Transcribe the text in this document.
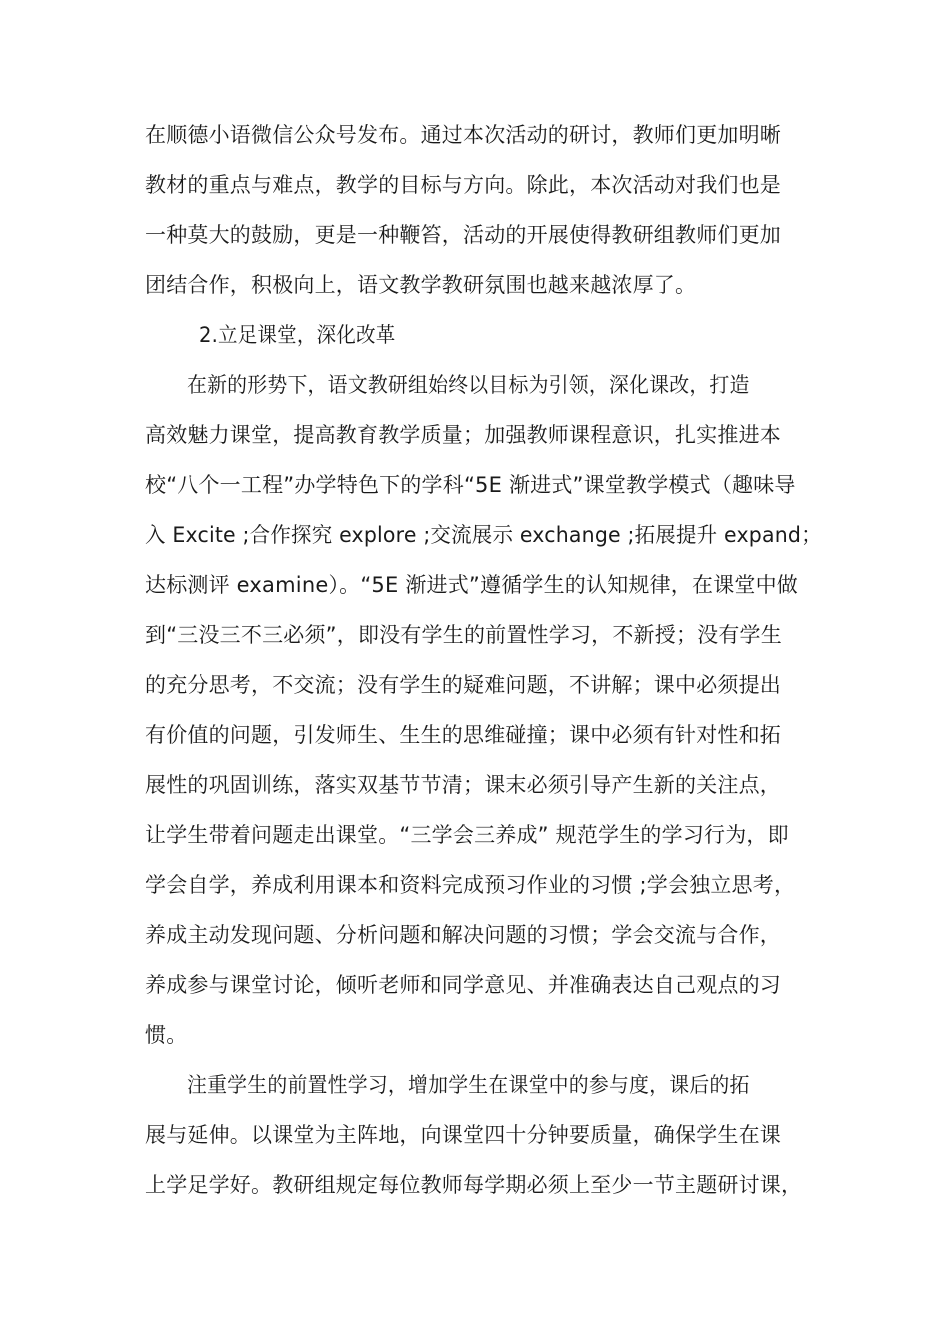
在顺德小语微信公众号发布。通过本次活动的研讨，教师们更加明晰
教材的重点与难点，教学的目标与方向。除此，本次活动对我们也是
一种莫大的鼓励，更是一种鞭笞，活动的开展使得教研组教师们更加
团结合作，积极向上，语文教学教研氛围也越来越浓厚了。
2.立足课堂，深化改革
在新的形势下，语文教研组始终以目标为引领，深化课改，打造
高效魅力课堂，提高教育教学质量；加强教师课程意识，扎实推进本
校“八个一工程”办学特色下的学科“5E 渐进式”课堂教学模式（趣味导
入 Excite ;合作探究 explore ;交流展示 exchange ;拓展提升 expand；
达标测评 examine）。“5E 渐进式”遵循学生的认知规律，在课堂中做
到“三没三不三必须”，即没有学生的前置性学习，不新授；没有学生
的充分思考，不交流；没有学生的疑难问题，不讲解；课中必须提出
有价值的问题，引发师生、生生的思维碰撞；课中必须有针对性和拓
展性的巩固训练，落实双基节节清；课末必须引导产生新的关注点，
让学生带着问题走出课堂。“三学会三养成” 规范学生的学习行为，即
学会自学，养成利用课本和资料完成预习作业的习惯 ;学会独立思考，
养成主动发现问题、分析问题和解决问题的习惯；学会交流与合作，
养成参与课堂讨论，倾听老师和同学意见、并准确表达自己观点的习
惯。
注重学生的前置性学习，增加学生在课堂中的参与度，课后的拓
展与延伸。以课堂为主阵地，向课堂四十分钟要质量，确保学生在课
上学足学好。教研组规定每位教师每学期必须上至少一节主题研讨课，
